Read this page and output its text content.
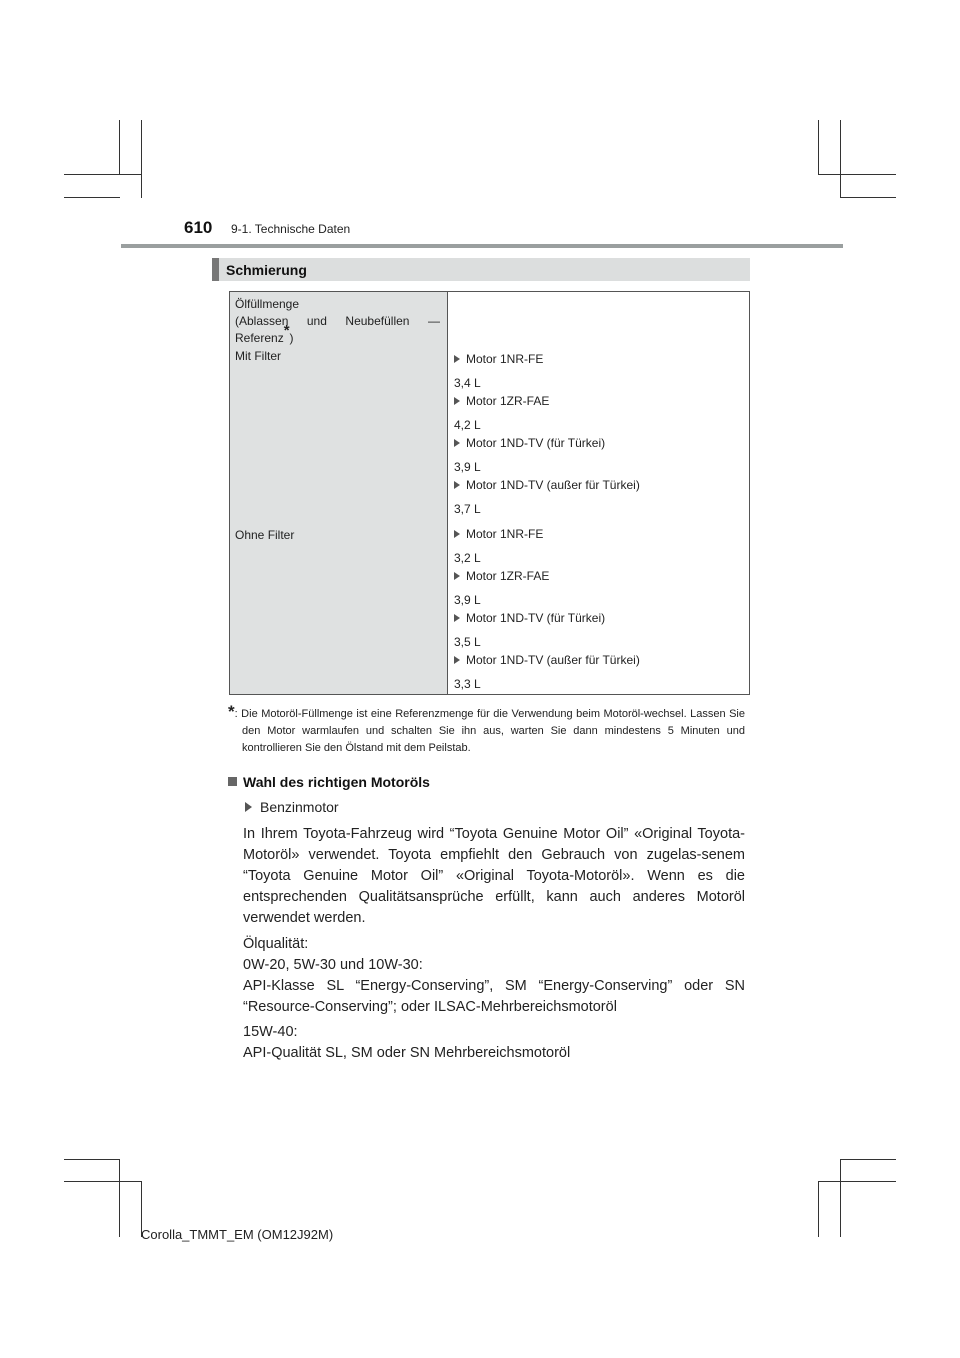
610 9-1. Technische Daten
Schmierung
Ölfüllmenge
(Ablassen und Neubefüllen —
Referenz*)
Mit Filter
Ohne Filter
Motor 1NR-FE
3,4 L
Motor 1ZR-FAE
4,2 L
Motor 1ND-TV (für Türkei)
3,9 L
Motor 1ND-TV (außer für Türkei)
3,7 L
Motor 1NR-FE
3,2 L
Motor 1ZR-FAE
3,9 L
Motor 1ND-TV (für Türkei)
3,5 L
Motor 1ND-TV (außer für Türkei)
3,3 L

*: Die Motoröl-Füllmenge ist eine Referenzmenge für die Verwendung beim Motoröl-wechsel. Lassen Sie den Motor warmlaufen und schalten Sie ihn aus, warten Sie dann mindestens 5 Minuten und kontrollieren Sie den Ölstand mit dem Peilstab.

Wahl des richtigen Motoröls
Benzinmotor

In Ihrem Toyota-Fahrzeug wird “Toyota Genuine Motor Oil” «Original Toyota-Motoröl» verwendet. Toyota empfiehlt den Gebrauch von zugelas-senem “Toyota Genuine Motor Oil” «Original Toyota-Motoröl». Wenn es die entsprechenden Qualitätsansprüche erfüllt, kann auch anderes Motoröl verwendet werden.

Ölqualität:

0W-20, 5W-30 und 10W-30:

API-Klasse SL “Energy-Conserving”, SM “Energy-Conserving” oder SN “Resource-Conserving”; oder ILSAC-Mehrbereichsmotoröl

15W-40:

API-Qualität SL, SM oder SN Mehrbereichsmotoröl

Corolla_TMMT_EM (OM12J92M)
